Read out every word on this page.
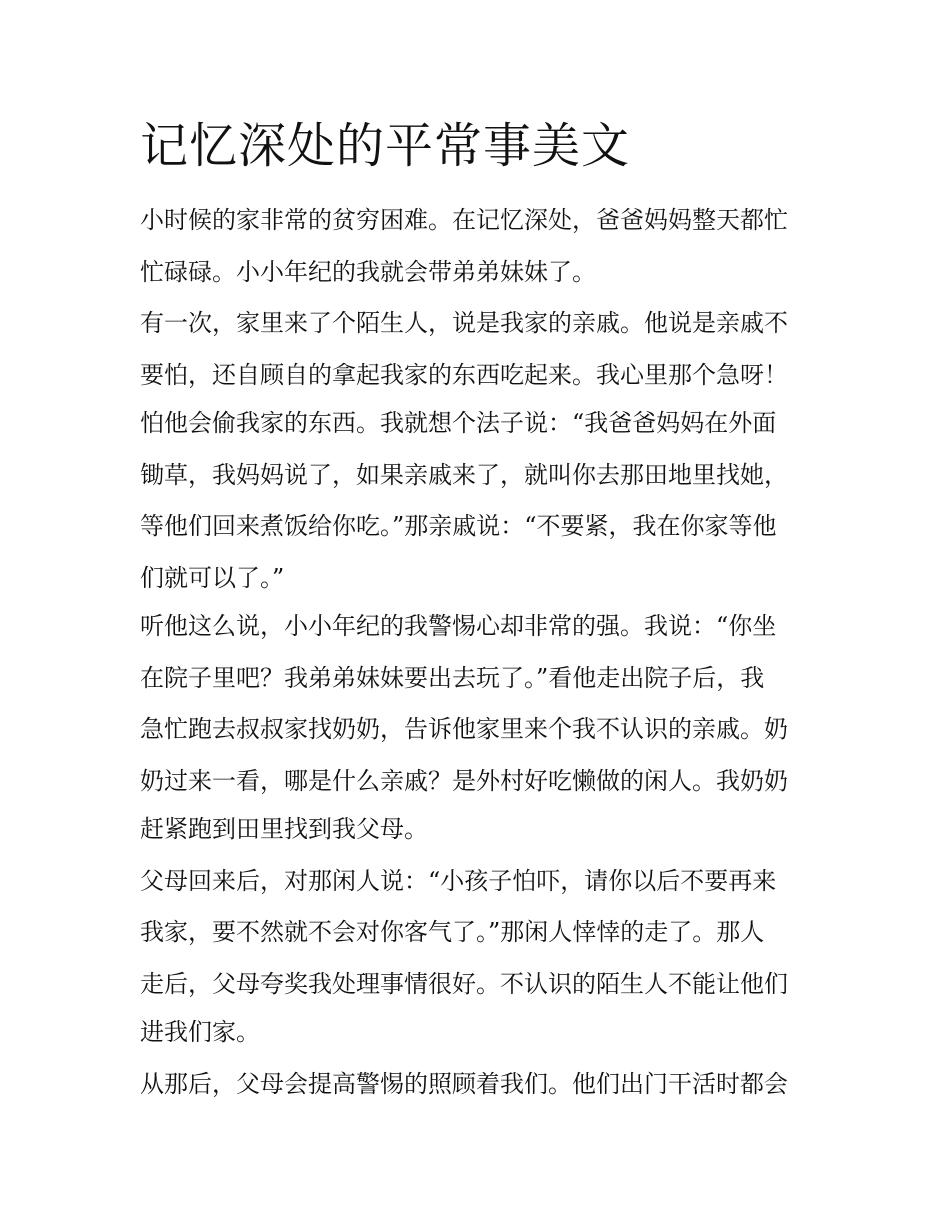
记忆深处的平常事美文
小时候的家非常的贫穷困难。在记忆深处，爸爸妈妈整天都忙
忙碌碌。小小年纪的我就会带弟弟妹妹了。
有一次，家里来了个陌生人，说是我家的亲戚。他说是亲戚不
要怕，还自顾自的拿起我家的东西吃起来。我心里那个急呀！
怕他会偷我家的东西。我就想个法子说：“我爸爸妈妈在外面
锄草，我妈妈说了，如果亲戚来了，就叫你去那田地里找她，
等他们回来煮饭给你吃。”那亲戚说：“不要紧，我在你家等他
们就可以了。”
听他这么说，小小年纪的我警惕心却非常的强。我说：“你坐
在院子里吧？我弟弟妹妹要出去玩了。”看他走出院子后，我
急忙跑去叔叔家找奶奶，告诉他家里来个我不认识的亲戚。奶
奶过来一看，哪是什么亲戚？是外村好吃懒做的闲人。我奶奶
赶紧跑到田里找到我父母。
父母回来后，对那闲人说：“小孩子怕吓，请你以后不要再来
我家，要不然就不会对你客气了。”那闲人悻悻的走了。那人
走后，父母夸奖我处理事情很好。不认识的陌生人不能让他们
进我们家。
从那后，父母会提高警惕的照顾着我们。他们出门干活时都会
